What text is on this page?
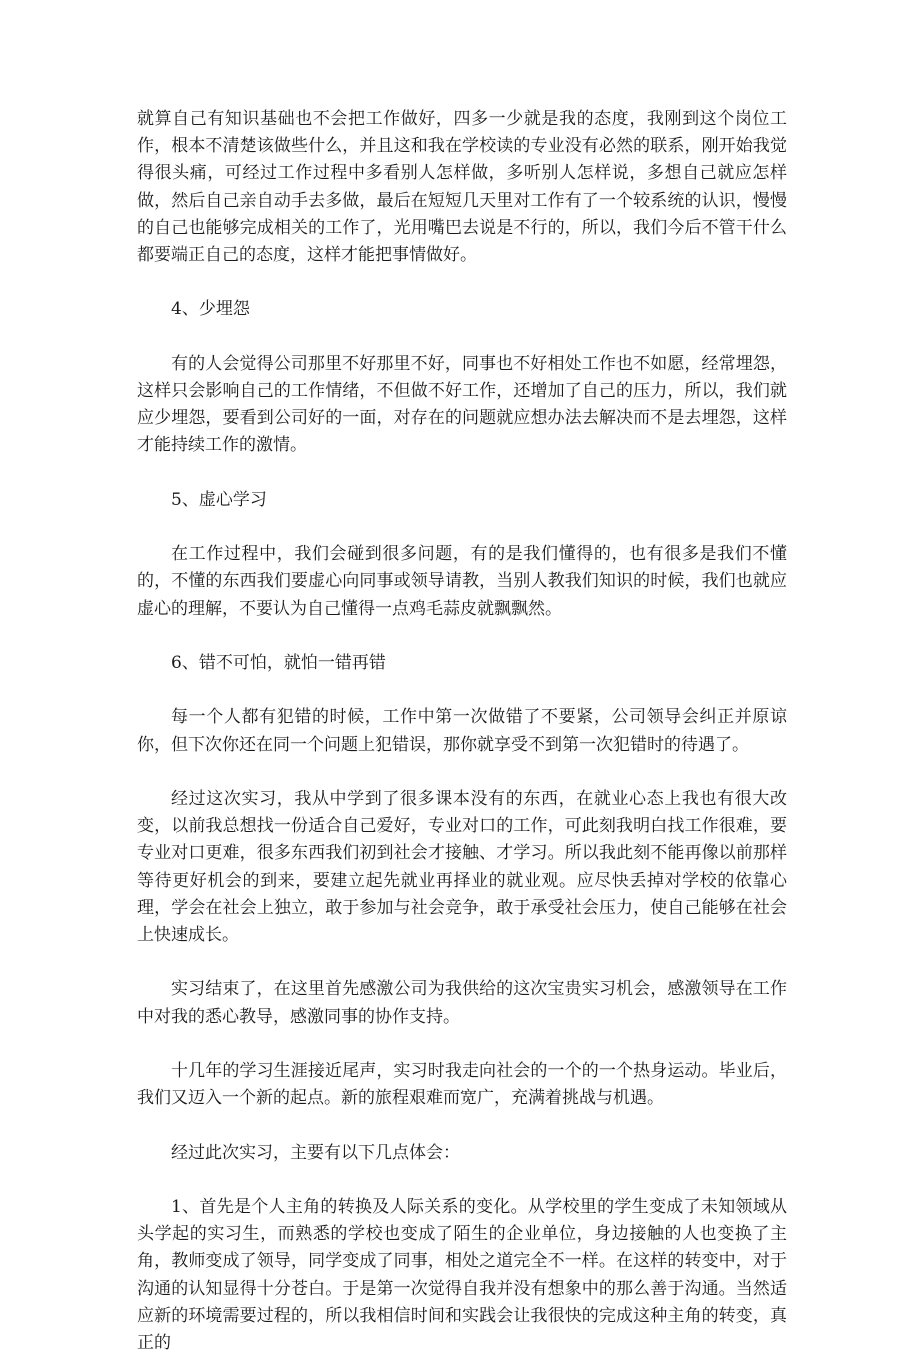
就算自己有知识基础也不会把工作做好，四多一少就是我的态度，我刚到这个岗位工作，根本不清楚该做些什么，并且这和我在学校读的专业没有必然的联系，刚开始我觉得很头痛，可经过工作过程中多看别人怎样做，多听别人怎样说，多想自己就应怎样做，然后自己亲自动手去多做，最后在短短几天里对工作有了一个较系统的认识，慢慢的自己也能够完成相关的工作了，光用嘴巴去说是不行的，所以，我们今后不管干什么都要端正自己的态度，这样才能把事情做好。

4、少埋怨

有的人会觉得公司那里不好那里不好，同事也不好相处工作也不如愿，经常埋怨，这样只会影响自己的工作情绪，不但做不好工作，还增加了自己的压力，所以，我们就应少埋怨，要看到公司好的一面，对存在的问题就应想办法去解决而不是去埋怨，这样才能持续工作的激情。

5、虚心学习

在工作过程中，我们会碰到很多问题，有的是我们懂得的，也有很多是我们不懂的，不懂的东西我们要虚心向同事或领导请教，当别人教我们知识的时候，我们也就应虚心的理解，不要认为自己懂得一点鸡毛蒜皮就飘飘然。

6、错不可怕，就怕一错再错

每一个人都有犯错的时候，工作中第一次做错了不要紧，公司领导会纠正并原谅你，但下次你还在同一个问题上犯错误，那你就享受不到第一次犯错时的待遇了。

经过这次实习，我从中学到了很多课本没有的东西，在就业心态上我也有很大改变，以前我总想找一份适合自己爱好，专业对口的工作，可此刻我明白找工作很难，要专业对口更难，很多东西我们初到社会才接触、才学习。所以我此刻不能再像以前那样等待更好机会的到来，要建立起先就业再择业的就业观。应尽快丢掉对学校的依靠心理，学会在社会上独立，敢于参加与社会竞争，敢于承受社会压力，使自己能够在社会上快速成长。

实习结束了，在这里首先感激公司为我供给的这次宝贵实习机会，感激领导在工作中对我的悉心教导，感激同事的协作支持。

十几年的学习生涯接近尾声，实习时我走向社会的一个的一个热身运动。毕业后，我们又迈入一个新的起点。新的旅程艰难而宽广，充满着挑战与机遇。

经过此次实习，主要有以下几点体会：

1、首先是个人主角的转换及人际关系的变化。从学校里的学生变成了未知领域从头学起的实习生，而熟悉的学校也变成了陌生的企业单位，身边接触的人也变换了主角，教师变成了领导，同学变成了同事，相处之道完全不一样。在这样的转变中，对于沟通的认知显得十分苍白。于是第一次觉得自我并没有想象中的那么善于沟通。当然适应新的环境需要过程的，所以我相信时间和实践会让我很快的完成这种主角的转变，真正的
